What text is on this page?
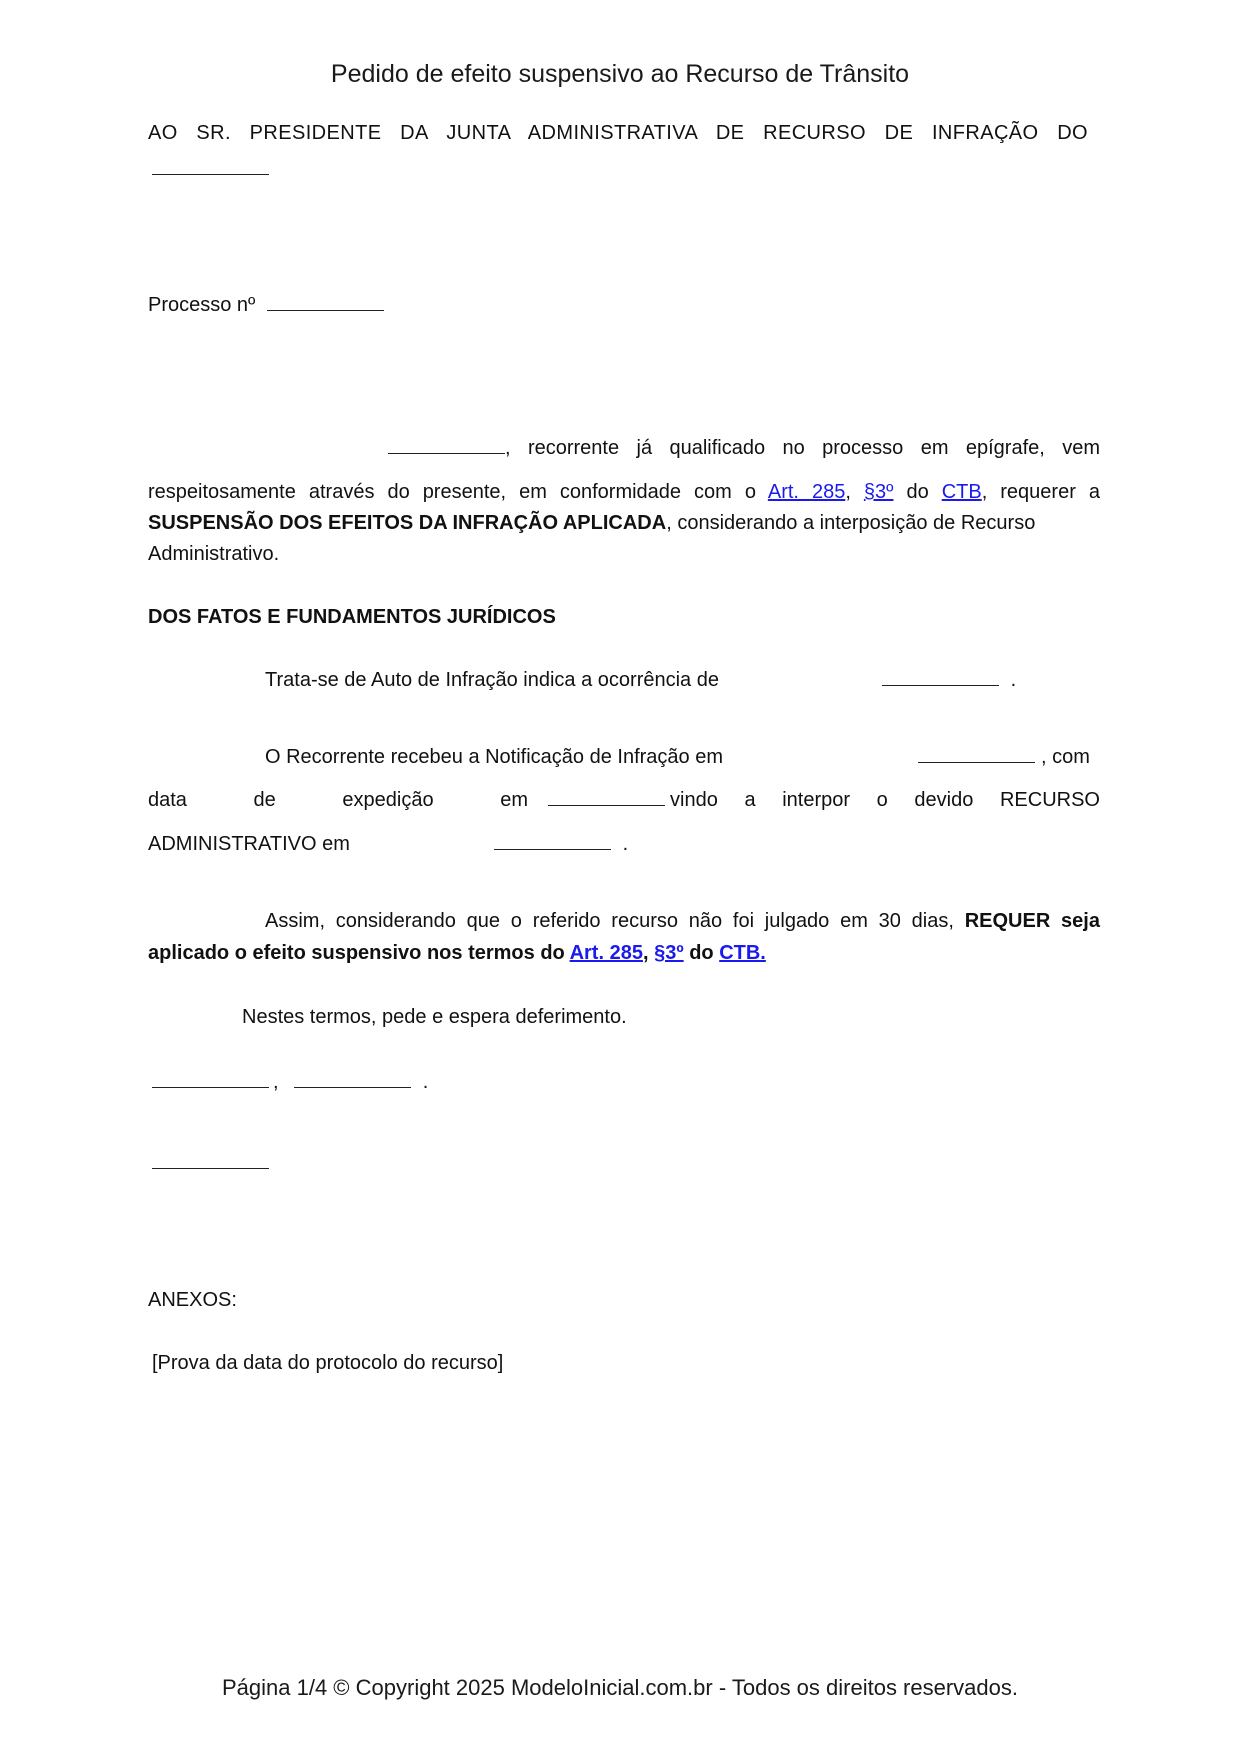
Pedido de efeito suspensivo ao Recurso de Trânsito
AO SR. PRESIDENTE DA JUNTA ADMINISTRATIVA DE RECURSO DE INFRAÇÃO DO
Processo nº
, recorrente já qualificado no processo em epígrafe, vem
respeitosamente através do presente, em conformidade com o Art. 285, §3º do CTB, requerer a
SUSPENSÃO DOS EFEITOS DA INFRAÇÃO APLICADA, considerando a interposição de Recurso
Administrativo.
DOS FATOS E FUNDAMENTOS JURÍDICOS
Trata-se de Auto de Infração indica a ocorrência de	.
O Recorrente recebeu a Notificação de Infração em	, com
data de expedição em	vindo a interpor o devido RECURSO
ADMINISTRATIVO em	.
Assim, considerando que o referido recurso não foi julgado em 30 dias, REQUER seja
aplicado o efeito suspensivo nos termos do Art. 285, §3º do CTB.
Nestes termos, pede e espera deferimento.
,	.
ANEXOS:
[Prova da data do protocolo do recurso]
Página 1/4 © Copyright 2025 ModeloInicial.com.br - Todos os direitos reservados.
